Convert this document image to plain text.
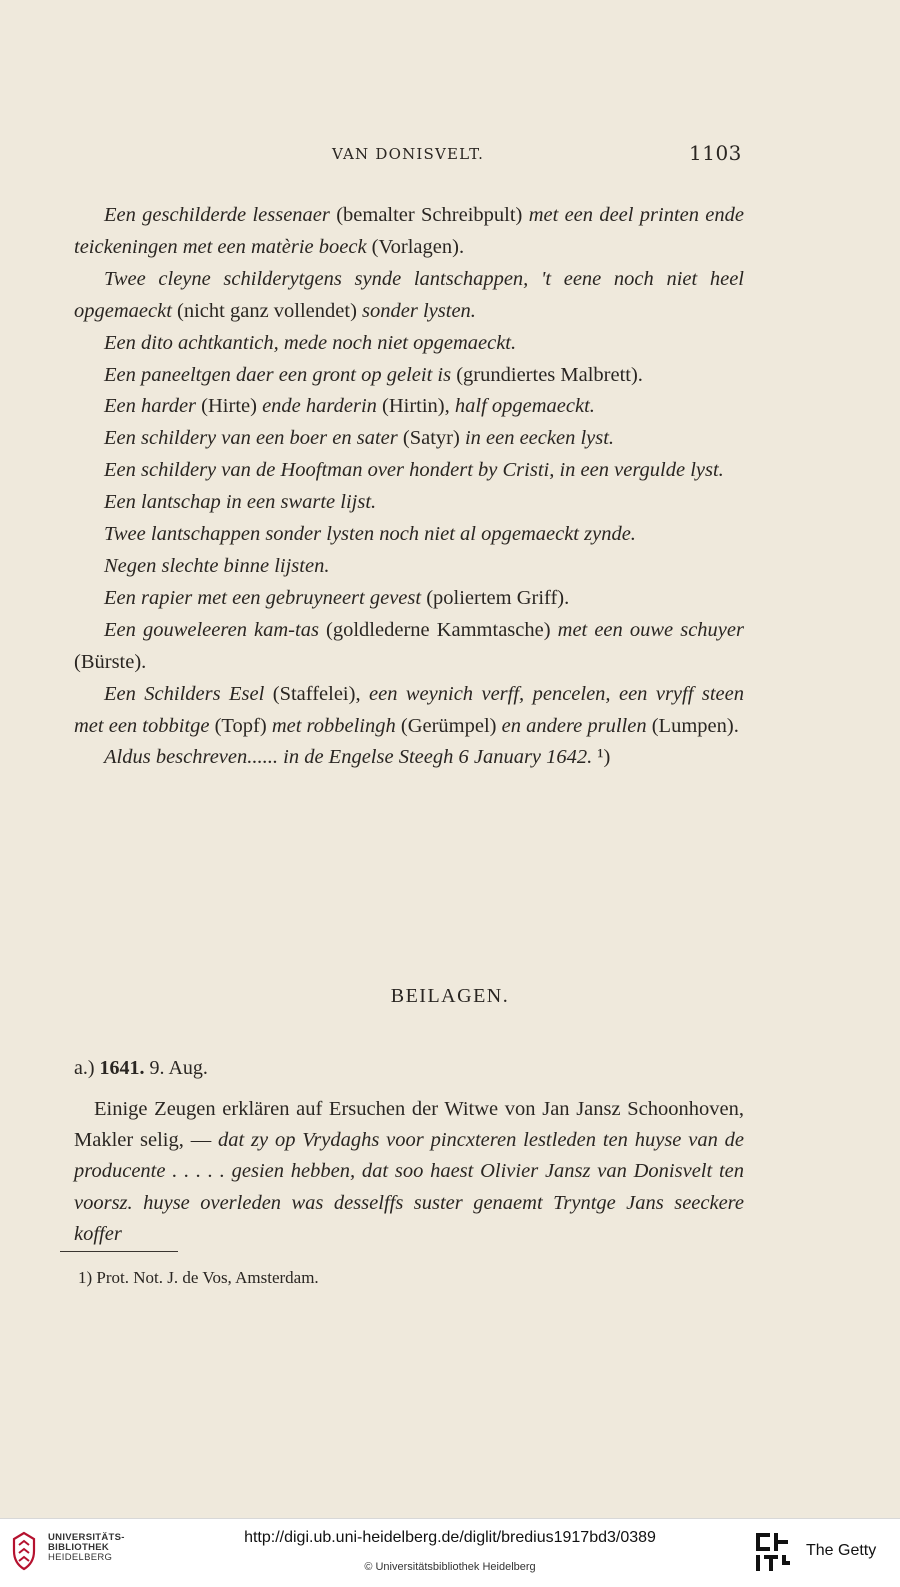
VAN DONISVELT.	1103

Een geschilderde lessenaer (bemalter Schreibpult) met een deel printen ende teickeningen met een matèrie boeck (Vorlagen).

Twee cleyne schilderytgens synde lantschappen, 't eene noch niet heel opgemaeckt (nicht ganz vollendet) sonder lysten.

Een dito achtkantich, mede noch niet opgemaeckt.

Een paneeltgen daer een gront op geleit is (grundiertes Malbrett).

Een harder (Hirte) ende harderin (Hirtin), half opgemaeckt.

Een schildery van een boer en sater (Satyr) in een eecken lyst.

Een schildery van de Hooftman over hondert by Cristi, in een vergulde lyst.

Een lantschap in een swarte lijst.

Twee lantschappen sonder lysten noch niet al opgemaeckt zynde.

Negen slechte binne lijsten.

Een rapier met een gebruyneert gevest (poliertem Griff).

Een gouweleeren kam-tas (goldlederne Kammtasche) met een ouwe schuyer (Bürste).

Een Schilders Esel (Staffelei), een weynich verff, pencelen, een vryff steen met een tobbitge (Topf) met robbelingh (Gerümpel) en andere prullen (Lumpen).

Aldus beschreven...... in de Engelse Steegh 6 January 1642. ¹)

BEILAGEN.
a.) 1641. 9. Aug.

Einige Zeugen erklären auf Ersuchen der Witwe von Jan Jansz Schoonhoven, Makler selig, — dat zy op Vrydaghs voor pincxteren lestleden ten huyse van de producente . . . . . gesien hebben, dat soo haest Olivier Jansz van Donisvelt ten voorsz. huyse overleden was desselffs suster genaemt Tryntge Jans seeckere koffer

1) Prot. Not. J. de Vos, Amsterdam.
UNIVERSITÄTS-
BIBLIOTHEK
HEIDELBERG
http://digi.ub.uni-heidelberg.de/diglit/bredius1917bd3/0389
© Universitätsbibliothek Heidelberg
The Getty
